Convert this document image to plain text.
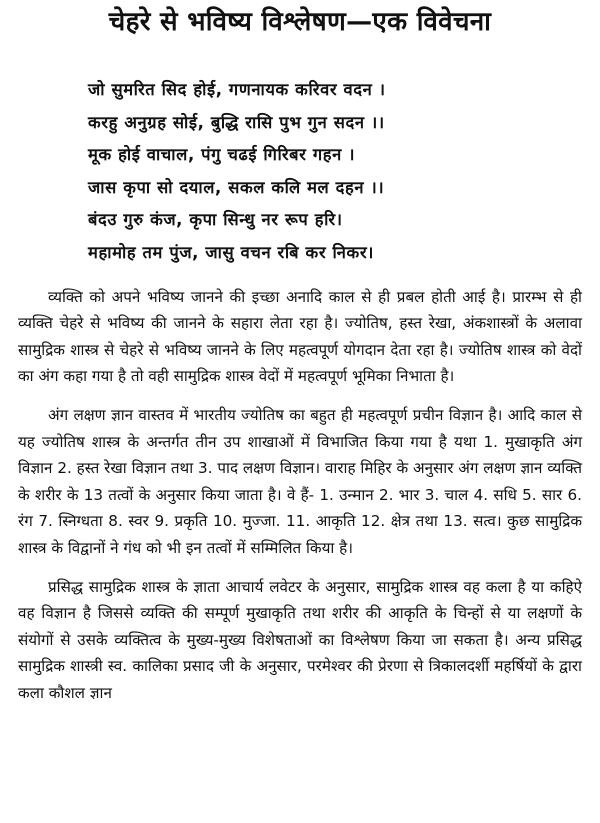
चेहरे से भविष्य विश्लेषण—एक विवेचना
जो सुमरित सिद होई, गणनायक करिवर वदन ।
करहु अनुग्रह सोई, बुद्धि रासि पुभ गुन सदन ।।
मूक होई वाचाल, पंगु चढई गिरिबर गहन ।
जास कृपा सो दयाल, सकल कलि मल दहन ।।
बंदउ गुरु कंज, कृपा सिन्धु नर रूप हरि।
महामोह तम पुंज, जासु वचन रबि कर निकर।

व्यक्ति को अपने भविष्य जानने की इच्छा अनादि काल से ही प्रबल होती आई है। प्रारम्भ से ही व्यक्ति चेहरे से भविष्य की जानने के सहारा लेता रहा है। ज्योतिष, हस्त रेखा, अंकशास्त्रों के अलावा सामुद्रिक शास्त्र से चेहरे से भविष्य जानने के लिए महत्वपूर्ण योगदान देता रहा है। ज्योतिष शास्त्र को वेदों का अंग कहा गया है तो वही सामुद्रिक शास्त्र वेदों में महत्वपूर्ण भूमिका निभाता है।

अंग लक्षण ज्ञान वास्तव में भारतीय ज्योतिष का बहुत ही महत्वपूर्ण प्रचीन विज्ञान है। आदि काल से यह ज्योतिष शास्त्र के अन्तर्गत तीन उप शाखाओं में विभाजित किया गया है यथा 1. मुखाकृति अंग विज्ञान 2. हस्त रेखा विज्ञान तथा 3. पाद लक्षण विज्ञान। वाराह मिहिर के अनुसार अंग लक्षण ज्ञान व्यक्ति के शरीर के 13 तत्वों के अनुसार किया जाता है। वे हैं- 1. उन्मान 2. भार 3. चाल 4. सधि 5. सार 6. रंग 7. स्निग्धता 8. स्वर 9. प्रकृति 10. मुज्जा. 11. आकृति 12. क्षेत्र तथा 13. सत्व। कुछ सामुद्रिक शास्त्र के विद्वानों ने गंध को भी इन तत्वों में सम्मिलित किया है।

प्रसिद्ध सामुद्रिक शास्त्र के ज्ञाता आचार्य लवेटर के अनुसार, सामुद्रिक शास्त्र वह कला है या कहिऐ वह विज्ञान है जिससे व्यक्ति की सम्पूर्ण मुखाकृति तथा शरीर की आकृति के चिन्हों से या लक्षणों के संयोगों से उसके व्यक्तित्व के मुख्य-मुख्य विशेषताओं का विश्लेषण किया जा सकता है। अन्य प्रसिद्ध सामुद्रिक शास्त्री स्व. कालिका प्रसाद जी के अनुसार, परमेश्वर की प्रेरणा से त्रिकालदर्शी महर्षियों के द्वारा कला कौशल ज्ञान
